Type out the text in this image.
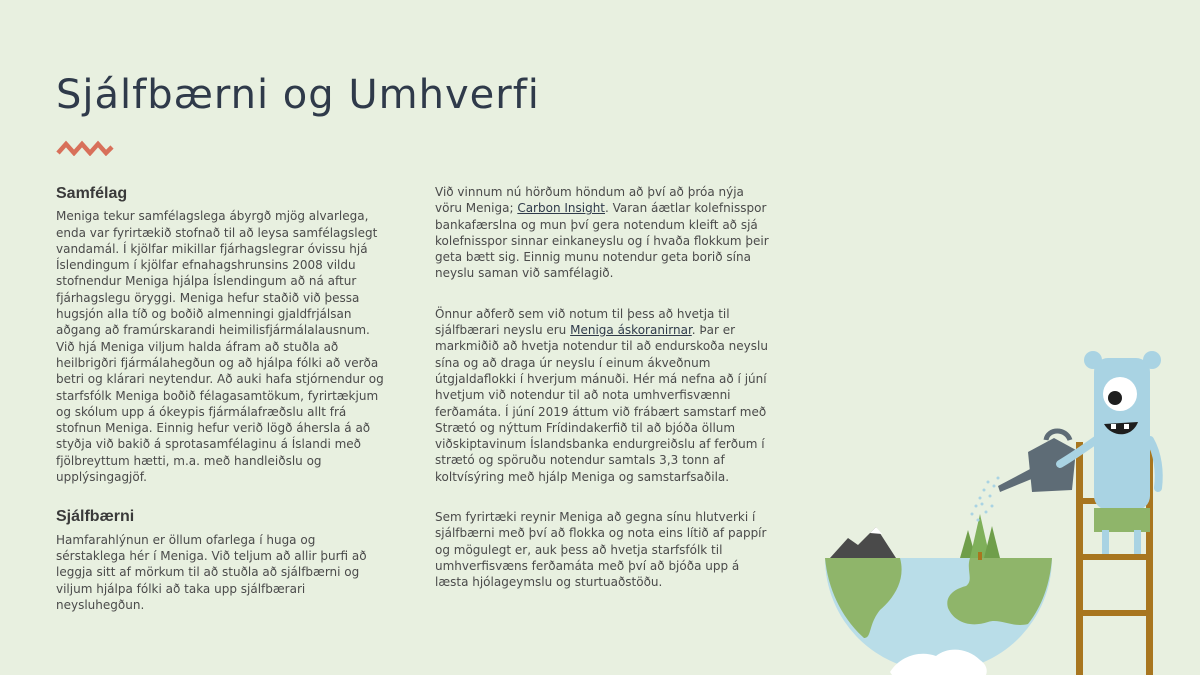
Sjálfbærni og Umhverfi
Samfélag

Meniga tekur samfélagslega ábyrgð mjög alvarlega, enda var fyrirtækið stofnað til að leysa samfélagslegt vandamál. Í kjölfar mikillar fjárhagslegrar óvissu hjá Íslendingum í kjölfar efnahagshrunsins 2008 vildu stofnendur Meniga hjálpa Íslendingum að ná aftur fjárhagslegu öryggi. Meniga hefur staðið við þessa hugsjón alla tíð og boðið almenningi gjaldfrjálsan aðgang að framúrskarandi heimilisfjármálalausnum. Við hjá Meniga viljum halda áfram að stuðla að heilbrigðri fjármálahegðun og að hjálpa fólki að verða betri og klárari neytendur. Að auki hafa stjórnendur og starfsfólk Meniga boðið félagasamtökum, fyrirtækjum og skólum upp á ókeypis fjármálafræðslu allt frá stofnun Meniga. Einnig hefur verið lögð áhersla á að styðja við bakið á sprotasamfélaginu á Íslandi með fjölbreyttum hætti, m.a. með handleiðslu og upplýsingagjöf.

Sjálfbærni

Hamfarahlýnun er öllum ofarlega í huga og sérstaklega hér í Meniga. Við teljum að allir þurfi að leggja sitt af mörkum til að stuðla að sjálfbærni og viljum hjálpa fólki að taka upp sjálfbærari neysluhegðun.

Við vinnum nú hörðum höndum að því að þróa nýja vöru Meniga; Carbon Insight. Varan áætlar kolefnisspor bankafærslna og mun því gera notendum kleift að sjá kolefnisspor sinnar einkaneyslu og í hvaða flokkum þeir geta bætt sig. Einnig munu notendur geta borið sína neyslu saman við samfélagið.

Önnur aðferð sem við notum til þess að hvetja til sjálfbærari neyslu eru Meniga áskoranirnar. Þar er markmiðið að hvetja notendur til að endurskoða neyslu sína og að draga úr neyslu í einum ákveðnum útgjaldaflokki í hverjum mánuði. Hér má nefna að í júní hvetjum við notendur til að nota umhverfisvænni ferðamáta. Í júní 2019 áttum við frábært samstarf með Strætó og nýttum Frídindakerfið til að bjóða öllum viðskiptavinum Íslandsbanka endurgreiðslu af ferðum í strætó og spöruðu notendur samtals 3,3 tonn af koltvísýring með hjálp Meniga og samstarfsaðila.

Sem fyrirtæki reynir Meniga að gegna sínu hlutverki í sjálfbærni með því að flokka og nota eins lítið af pappír og mögulegt er, auk þess að hvetja starfsfólk til umhverfisvæns ferðamáta með því að bjóða upp á læsta hjólageymslu og sturtuaðstöðu.
